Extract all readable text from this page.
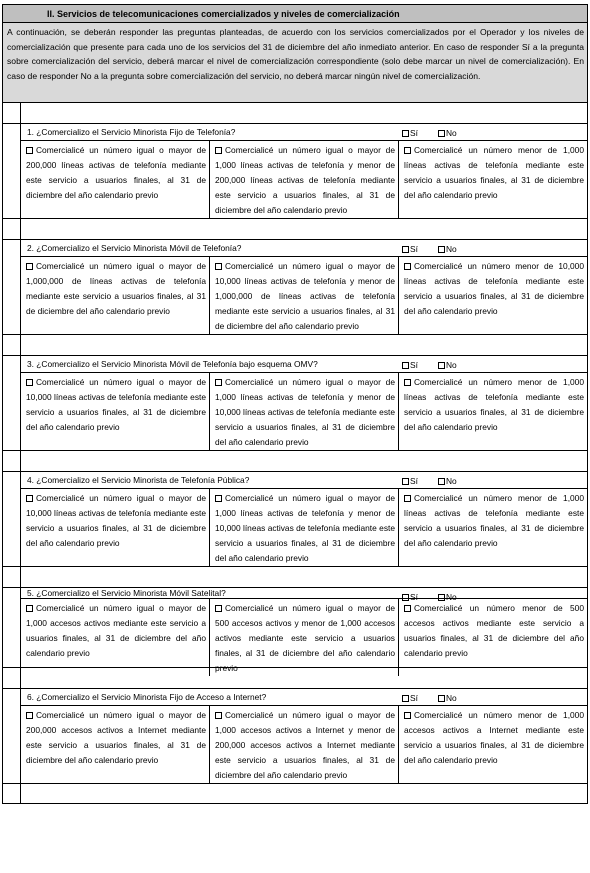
II. Servicios de telecomunicaciones comercializados y niveles de comercialización
A continuación, se deberán responder las preguntas planteadas, de acuerdo con los servicios comercializados por el Operador y los niveles de comercialización que presente para cada uno de los servicios del 31 de diciembre del año inmediato anterior. En caso de responder Sí a la pregunta sobre comercialización del servicio, deberá marcar el nivel de comercialización correspondiente (solo debe marcar un nivel de comercialización). En caso de responder No a la pregunta sobre comercialización del servicio, no deberá marcar ningún nivel de comercialización.
1. ¿Comercializo el Servicio Minorista Fijo de Telefonía?	Sí	No
Comercialicé un número igual o mayor de 200,000 líneas activas de telefonía mediante este servicio a usuarios finales, al 31 de diciembre del año calendario previo
Comercialicé un número igual o mayor de 1,000 líneas activas de telefonía y menor de 200,000 líneas activas de telefonía mediante este servicio a usuarios finales, al 31 de diciembre del año calendario previo
Comercialicé un número menor de 1,000 líneas activas de telefonía mediante este servicio a usuarios finales, al 31 de diciembre del año calendario previo
2. ¿Comercializo el Servicio Minorista Móvil de Telefonía?	Sí	No
Comercialicé un número igual o mayor de 1,000,000 de líneas activas de telefonía mediante este servicio a usuarios finales, al 31 de diciembre del año calendario previo
Comercialicé un número igual o mayor de 10,000 líneas activas de telefonía y menor de 1,000,000 de líneas activas de telefonía mediante este servicio a usuarios finales, al 31 de diciembre del año calendario previo
Comercialicé un número menor de 10,000 líneas activas de telefonía mediante este servicio a usuarios finales, al 31 de diciembre del año calendario previo
3. ¿Comercializo el Servicio Minorista Móvil de Telefonía bajo esquema OMV?	Sí	No
Comercialicé un número igual o mayor de 10,000 líneas activas de telefonía mediante este servicio a usuarios finales, al 31 de diciembre del año calendario previo
Comercialicé un número igual o mayor de 1,000 líneas activas de telefonía y menor de 10,000 líneas activas de telefonía mediante este servicio a usuarios finales, al 31 de diciembre del año calendario previo
Comercialicé un número menor de 1,000 líneas activas de telefonía mediante este servicio a usuarios finales, al 31 de diciembre del año calendario previo
4. ¿Comercializo el Servicio Minorista de Telefonía Pública?	Sí	No
Comercialicé un número igual o mayor de 10,000 líneas activas de telefonía mediante este servicio a usuarios finales, al 31 de diciembre del año calendario previo
Comercialicé un número igual o mayor de 1,000 líneas activas de telefonía y menor de 10,000 líneas activas de telefonía mediante este servicio a usuarios finales, al 31 de diciembre del año calendario previo
Comercialicé un número menor de 1,000 líneas activas de telefonía mediante este servicio a usuarios finales, al 31 de diciembre del año calendario previo
5. ¿Comercializo el Servicio Minorista Móvil Satelital?	Sí	No
Comercialicé un número igual o mayor de 1,000 accesos activos mediante este servicio a usuarios finales, al 31 de diciembre del año calendario previo
Comercialicé un número igual o mayor de 500 accesos activos y menor de 1,000 accesos activos mediante este servicio a usuarios finales, al 31 de diciembre del año calendario previo
Comercialicé un número menor de 500 accesos activos mediante este servicio a usuarios finales, al 31 de diciembre del año calendario previo
6. ¿Comercializo el Servicio Minorista Fijo de Acceso a Internet?	Sí	No
Comercialicé un número igual o mayor de 200,000 accesos activos a Internet mediante este servicio a usuarios finales, al 31 de diciembre del año calendario previo
Comercialicé un número igual o mayor de 1,000 accesos activos a Internet y menor de 200,000 accesos activos a Internet mediante este servicio a usuarios finales, al 31 de diciembre del año calendario previo
Comercialicé un número menor de 1,000 accesos activos a Internet mediante este servicio a usuarios finales, al 31 de diciembre del año calendario previo
